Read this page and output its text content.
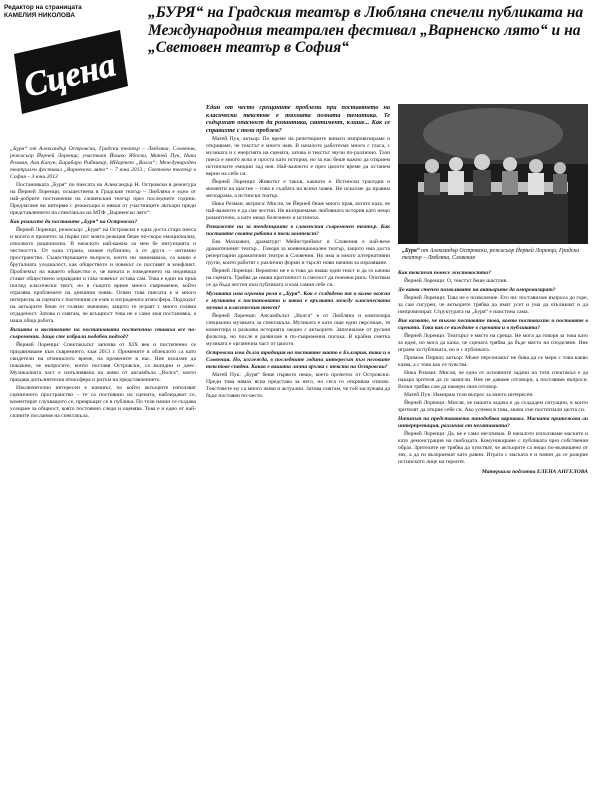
Редактор на страницата
КАМЕЛИЯ НИКОЛОВА
Сцена
„БУРЯ“ на Градския театър в Любляна спечели публиката на Международния театрален фестивал „Варненско лято“ и на „Световен театър в София“

„Буря“ от Александър Островски, Градски театър – Любляна, Словения, режисьор Йерней Лоренци; участват Йошко Ябоски, Матей Пук, Ника Розман, Аля Капун, Барабара Рибникар, ИНартет „Волга“; Международен театрален фестивал „Варненско лято“ – 7 юни 2013 ; Световен театър в София – 3 юни 2013

Постановката „Буря“ по пиесата на Александър Н. Островски в режисура на Йерней Лоренци, осъществена в Градския театър – Любляна е едно от най-добрите постижения на словенския театър през последните години. Предлагаме ви интервю с режисьора и някои от участниците актьори преди представлението на спектакъла на МТФ „Варненско лято“:

Как решихте да поставите „Буря“ на Островски?

Йерней Лоренци, режисьор: „Буря“ на Островски е една доста стара пиеса и когато я прочетох за първи път моята реакция беше по-скоро емоционална, отколкото рационална. В началото най-важна за мен бе интуицията и честността. От една страна, имаме публично, а от друга – интимно пространство. Съществуващите въпроси, които ни занимаваха, са какво е бруталната уседналост, как обществото и човекът се поставят в конфликт. Проблемът на нашето общество е, че вината и поведението на индивида стават обществено оправдани и така човекът остава сам. Това е един на пръв поглед класически текст, но в същото време много съвременен, който отразява проблемите на днешния човек. Освен това пиесата е и много интересна за сцената с поетичния си език и изградената атмосфера. Подходът на актьорите беше от голямо значение, защото те играят с много голяма отдаденост. Затова и смятам, че всъщност това не е само моя постановка, а наша обща работа.

Визията и костюмите на постановката постепенно ставаха все по-съвременни. Защо сте избрали подобен подход?

Йерней Лоренци: Спектакълът започва от XIX век и постепенно се придвижваме към съвремието, към 2013 г. Промените в облеклото са като свидетели на отминалото време, на промените в нас. Ние искахме да покажем, че въпросите, които поставя Островски, са валидни и днес. Музикалната част е изпълнявана на живо от ансамбъла „Волга“, което придава допълнителна атмосфера и ритъм на представлението.

Изключително интересен е начинът, по който актьорите използват сценичното пространство – те са постоянно на сцената, наблюдават се, коментират случващото се, превръщат се в публика. По този начин се създава усещане за общност, която постоянно следи и оценява. Това е и едно от най-силните послания на спектакъла.

Един от често срещаните проблеми при поставянето на класически текстове е тяхната позната тематика. Те съдържат опасност да романтика, сантимент, клише... Как се справихте с този проблем?

Матей Пук, актьор: По време на репетициите винаги импровизираме и откриваме, че текстът е много жив. В началото работехме много с гласа, с музиката и с енергията на сцената, затова и текстът звучи по-различно. Тази пиеса е много ясна и проста като история, но за нас беше важно да открием истинските емоции зад нея. Най-важното е през цялото време да останем верни на себе си.

Йерней Лоренци: Животът е такъв, каквото е. Истински трагедии и моменти на щастие – това е съдбата на всеки човек. Не искахме да правим мелодрама, а истински театър.

Ника Розман, актриса: Мисля, че Йерней беше много прав, когато каза, че най-важното е да сме честни. Не възприемаме любовната история като нещо романтично, а като нещо болезнено и истинско.

Разкажете ни за тенденциите в словенския съвременен театър. Как поставяте своята работа в този контекст?

Ева Махкович, драматург: Мейнстриймът в Словения е най-вече драматичният театър... Говоря за конвенционален театър, защото има доста репертоарни драматични театри в Словения. Но има и много алтернативни групи, които работят с различни форми и търсят нови начини за изразяване.

Йерней Лоренци: Вероятно не е в това да имаш един текст и да го качиш на сцената. Трябва да имаш критичност и смелост да поемеш риск. Опитвам се да бъда честен към публиката и към самия себе си.

Музиката има огромна роля в „Буря“. Как е създадена тя и колко важна е музиката в постановката и каква е връзката между класическата музика и класическия текст?

Йерней Лоренци: Ансамбълът „Волга“ е от Любляна и композира специално музиката за спектакъла. Музиката е като още един персонаж, тя коментира и разказва историята заедно с актьорите. Започнахме от руския фолклор, но после я развихме в по-съвременна посока. В крайна сметка музиката е органична част от цялото.

Островски има дълга традиция на поставяне както в България, така и в Словения. Но, изглежда, в последните години интересът към неговите текстове спадна. Каква е вашата лична връзка с текста на Островски?

Матей Пук: „Буря“ беше първото нещо, което прочетох от Островски. Преди това нямах ясна представа за него, но сега го откривам отново. Текстовете му са много живи и актуални. Затова смятам, че той заслужава да бъде поставян по-често.

„Буря“ от Александър Островски, режисьор Йерней Лоренци, Градски театър – Любляна, Словения

Как текстът понесе жестокостта?

Йерней Лоренци: О, текстът беше шастлив.

До каква степен позволявате на актьорите да импровизират?

Йерней Лоренци: Това не е позволение. Ето ни: поставихме въпроса до горе, за сам сигурен, че актьорите трябва да имат усет и ума да откликват и да импровизират. Структурата на „Буря“ е наистина сама.

Вие казвате, че тъкмо поставяте това, което поставихте и поставяте в сцената. Така как се виждате в сцената и в публиката?

Йерней Лоренци: Театърът е място на среща. Не мога да говоря за това като за идея, но мога да кажа, че сцената трябва да бъде място на споделяне. Ние играем за публиката, но и с публиката.

Примож Пирнат, актьор: Може персонажът не бива да се мери с това какво казва, а с това как се чувства.

Ника Розман: Мисля, че една от основните задачи на този спектакъл е да накара зрителя да се замисли. Ние не даваме отговори, а поставяме въпроси. Всеки трябва сам да намери своя отговор.

Матей Пук: Намирам този въпрос за много интересен.

Йерней Лоренци: Мисля, че нашата задача е да създадем ситуации, в които зрителят да открие себе си. Ако успеем в това, значи сме постигнали целта си.

Начинът на представянето наподобява карнавал. Маската притежава ли интерпретация, различна от негативната?

Йерней Лоренци: Да, не е само негативна. В началото използваме маските и като демонстрация на свободата. Комуникираме с публиката чрез собствения образ. Зрителите не трябва да чувстват, че актьорите са нещо по-възвишено от тях, а да ги възприемат като равни. Играта с маската е и начин да се разкрие истинското лице на героите.

Материала подготви ЕЛЕНА АНГЕЛОВА
